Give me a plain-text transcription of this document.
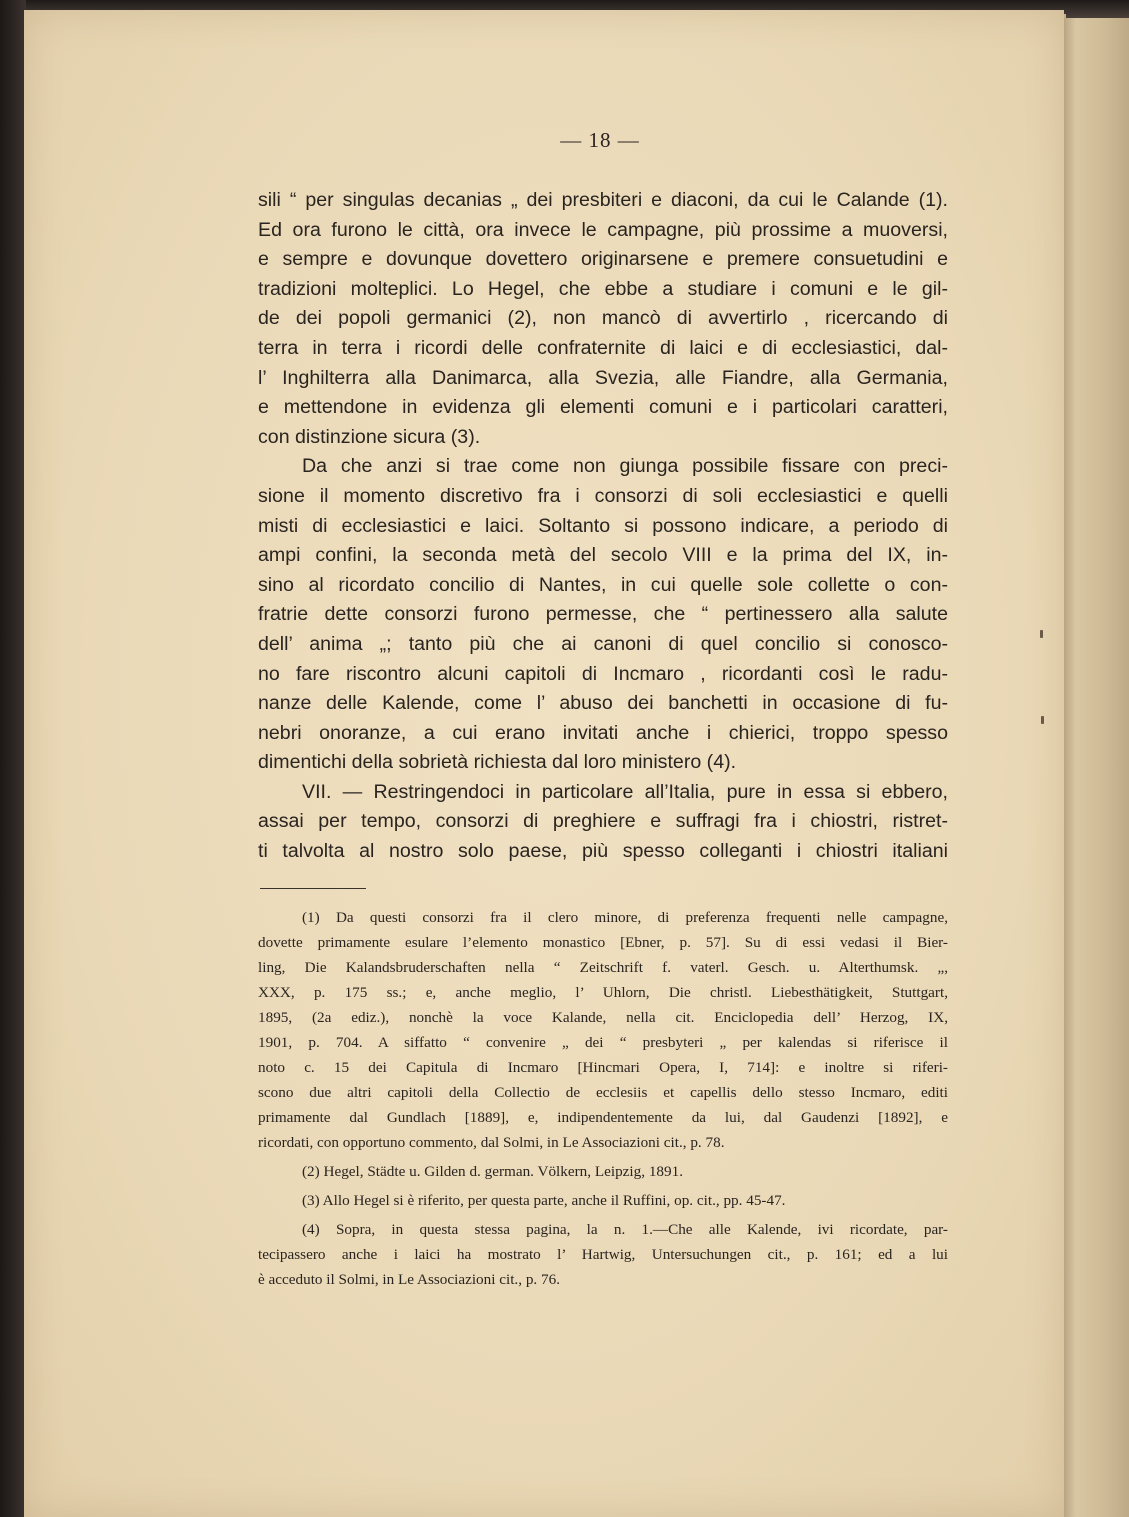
— 18 —
sili “ per singulas decanias „ dei presbiteri e diaconi, da cui le Calande (1).
Ed ora furono le città, ora invece le campagne, più prossime a muoversi,
e sempre e dovunque dovettero originarsene e premere consuetudini e
tradizioni molteplici. Lo Hegel, che ebbe a studiare i comuni e le gil-
de dei popoli germanici (2), non mancò di avvertirlo , ricercando di
terra in terra i ricordi delle confraternite di laici e di ecclesiastici, dal-
l’ Inghilterra alla Danimarca, alla Svezia, alle Fiandre, alla Germania,
e mettendone in evidenza gli elementi comuni e i particolari caratteri,
con distinzione sicura (3).
Da che anzi si trae come non giunga possibile fissare con preci-
sione il momento discretivo fra i consorzi di soli ecclesiastici e quelli
misti di ecclesiastici e laici. Soltanto si possono indicare, a periodo di
ampi confini, la seconda metà del secolo VIII e la prima del IX, in-
sino al ricordato concilio di Nantes, in cui quelle sole collette o con-
fratrie dette consorzi furono permesse, che “ pertinessero alla salute
dell’ anima „; tanto più che ai canoni di quel concilio si conosco-
no fare riscontro alcuni capitoli di Incmaro , ricordanti così le radu-
nanze delle Kalende, come l’ abuso dei banchetti in occasione di fu-
nebri onoranze, a cui erano invitati anche i chierici, troppo spesso
dimentichi della sobrietà richiesta dal loro ministero (4).
VII. — Restringendoci in particolare all’Italia, pure in essa si ebbero,
assai per tempo, consorzi di preghiere e suffragi fra i chiostri, ristret-
ti talvolta al nostro solo paese, più spesso colleganti i chiostri italiani
(1) Da questi consorzi fra il clero minore, di preferenza frequenti nelle campagne,
dovette primamente esulare l’elemento monastico [Ebner, p. 57]. Su di essi vedasi il Bier-
ling, Die Kalandsbruderschaften nella “ Zeitschrift f. vaterl. Gesch. u. Alterthumsk. „,
XXX, p. 175 ss.; e, anche meglio, l’ Uhlorn, Die christl. Liebesthätigkeit, Stuttgart,
1895, (2a ediz.), nonchè la voce Kalande, nella cit. Enciclopedia dell’ Herzog, IX,
1901, p. 704. A siffatto “ convenire „ dei “ presbyteri „ per kalendas si riferisce il
noto c. 15 dei Capitula di Incmaro [Hincmari Opera, I, 714]: e inoltre si riferi-
scono due altri capitoli della Collectio de ecclesiis et capellis dello stesso Incmaro, editi
primamente dal Gundlach [1889], e, indipendentemente da lui, dal Gaudenzi [1892], e
ricordati, con opportuno commento, dal Solmi, in Le Associazioni cit., p. 78.
(2) Hegel, Städte u. Gilden d. german. Völkern, Leipzig, 1891.
(3) Allo Hegel si è riferito, per questa parte, anche il Ruffini, op. cit., pp. 45-47.
(4) Sopra, in questa stessa pagina, la n. 1.—Che alle Kalende, ivi ricordate, par-
tecipassero anche i laici ha mostrato l’ Hartwig, Untersuchungen cit., p. 161; ed a lui
è acceduto il Solmi, in Le Associazioni cit., p. 76.
